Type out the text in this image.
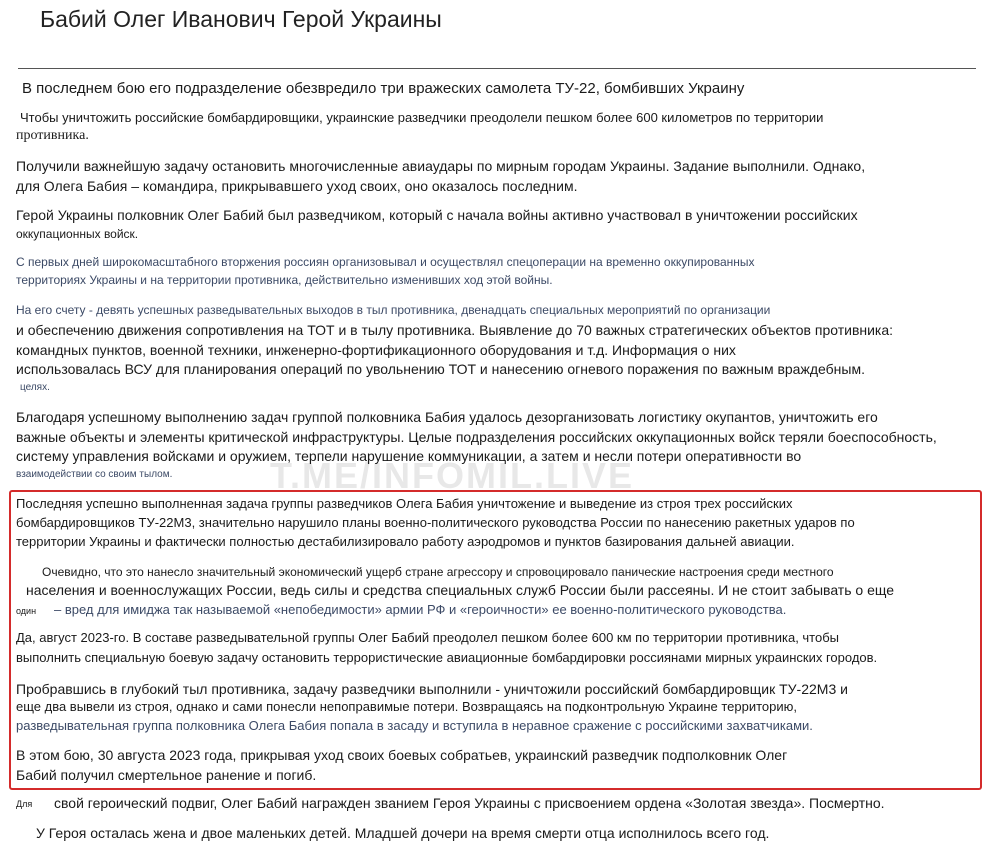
Бабий Олег Иванович Герой Украины
T.ME/INFOMIL.LIVE

В последнем бою его подразделение обезвредило три вражеских самолета ТУ-22, бомбивших Украину

Чтобы уничтожить российские бомбардировщики, украинские разведчики преодолели пешком более 600 километров по территории

противника.

Получили важнейшую задачу остановить многочисленные авиаудары по мирным городам Украины. Задание выполнили. Однако,

для Олега Бабия – командира, прикрывавшего уход своих, оно оказалось последним.

Герой Украины полковник Олег Бабий был разведчиком, который с начала войны активно участвовал в уничтожении российских

оккупационных войск.

С первых дней широкомасштабного вторжения россиян организовывал и осуществлял спецоперации на временно оккупированных

территориях Украины и на территории противника, действительно изменивших ход этой войны.

На его счету - девять успешных разведывательных выходов в тыл противника, двенадцать специальных мероприятий по организации

и обеспечению движения сопротивления на ТОТ и в тылу противника. Выявление до 70 важных стратегических объектов противника:

командных пунктов, военной техники, инженерно-фортификационного оборудования и т.д. Информация о них

использовалась ВСУ для планирования операций по увольнению ТОТ и нанесению огневого поражения по важным враждебным.

целях.

Благодаря успешному выполнению задач группой полковника Бабия удалось дезорганизовать логистику окупантов, уничтожить его

важные объекты и элементы критической инфраструктуры. Целые подразделения российских оккупационных войск теряли боеспособность,

систему управления войсками и оружием, терпели нарушение коммуникации, а затем и несли потери оперативности во

взаимодействии со своим тылом.

Последняя успешно выполненная задача группы разведчиков Олега Бабия уничтожение и выведение из строя трех российских

бомбардировщиков ТУ-22М3, значительно нарушило планы военно-политического руководства России по нанесению ракетных ударов по

территории Украины и фактически полностью дестабилизировало работу аэродромов и пунктов базирования дальней авиации.

Очевидно, что это нанесло значительный экономический ущерб стране агрессору и спровоцировало панические настроения среди местного

населения и военнослужащих России, ведь силы и средства специальных служб России были рассеяны. И не стоит забывать о еще

один	– вред для имиджа так называемой «непобедимости» армии РФ и «героичности» ее военно-политического руководства.

Да, август 2023-го. В составе разведывательной группы Олег Бабий преодолел пешком более 600 км по территории противника, чтобы

выполнить специальную боевую задачу остановить террористические авиационные бомбардировки россиянами мирных украинских городов.

Пробравшись в глубокий тыл противника, задачу разведчики выполнили - уничтожили российский бомбардировщик ТУ-22М3 и

еще два вывели из строя, однако и сами понесли непоправимые потери. Возвращаясь на подконтрольную Украине территорию,

разведывательная группа полковника Олега Бабия попала в засаду и вступила в неравное сражение с российскими захватчиками.

В этом бою, 30 августа 2023 года, прикрывая уход своих боевых собратьев, украинский разведчик подполковник Олег

Бабий получил смертельное ранение и погиб.

Для	свой героический подвиг, Олег Бабий награжден званием Героя Украины с присвоением ордена «Золотая звезда». Посмертно.

У Героя осталась жена и двое маленьких детей. Младшей дочери на время смерти отца исполнилось всего год.
